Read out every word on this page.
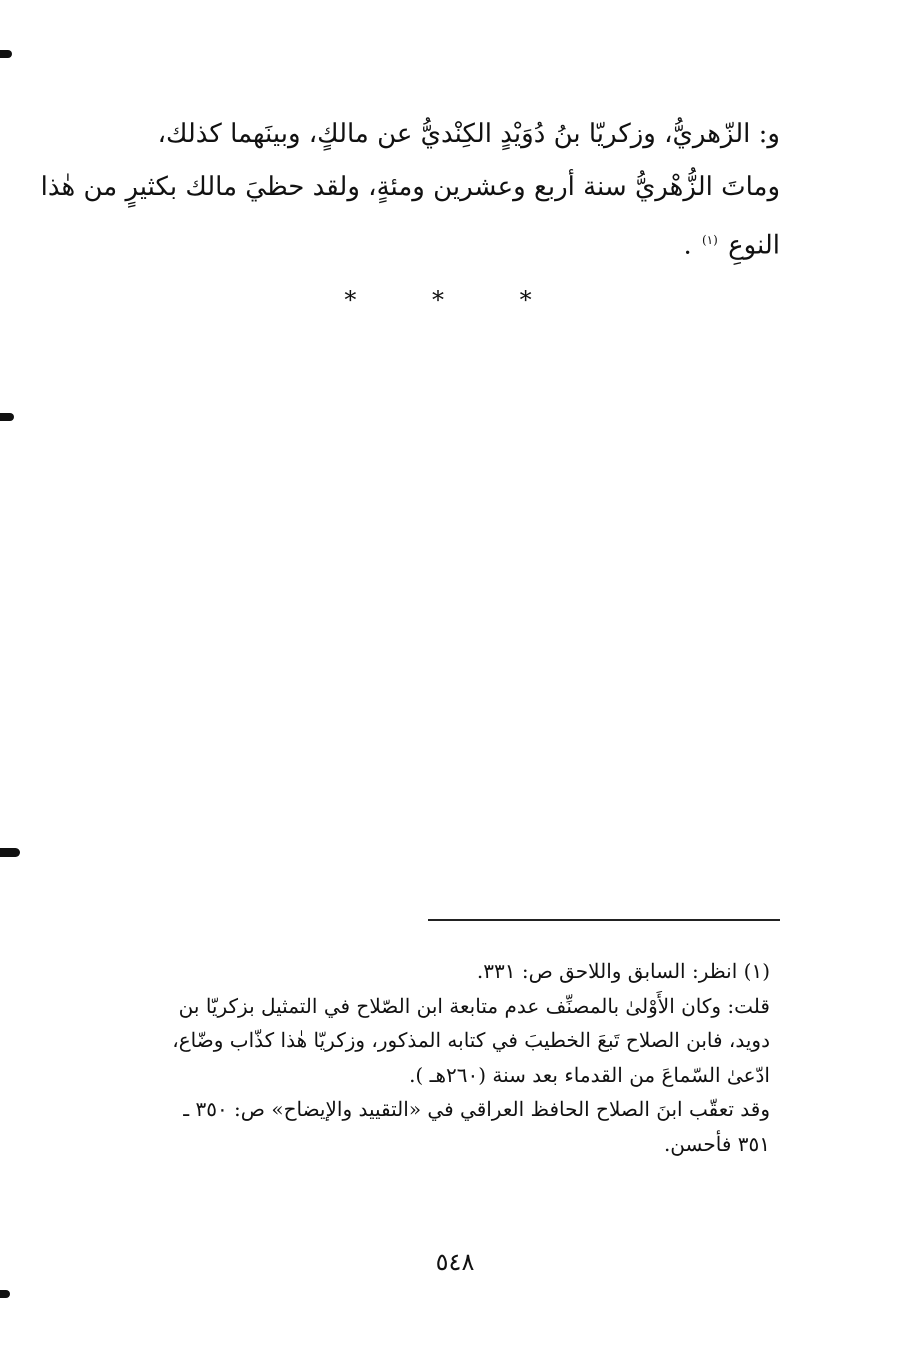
و: الزّهريُّ، وزكريّا بنُ دُوَيْدٍ الكِنْديُّ عن مالكٍ، وبينَهما كذلك،

وماتَ الزُّهْريُّ سنة أربع وعشرين ومئةٍ، ولقد حظيَ مالك بكثيرٍ من هٰذا

النوعِ $^{(١)}$ .

* * *

(١) انظر: السابق واللاحق ص: ٣٣١.

قلت: وكان الأَوْلىٰ بالمصنِّف عدم متابعة ابن الصّلاح في التمثيل بزكريّا بن

دويد، فابن الصلاح تَبعَ الخطيبَ في كتابه المذكور، وزكريّا هٰذا كذّاب وضّاع،

ادّعىٰ السّماعَ من القدماء بعد سنة (٢٦٠هـ ).

وقد تعقّب ابنَ الصلاح الحافظ العراقي في «التقييد والإيضاح» ص: ٣٥٠ ـ

٣٥١ فأحسن.

٥٤٨
